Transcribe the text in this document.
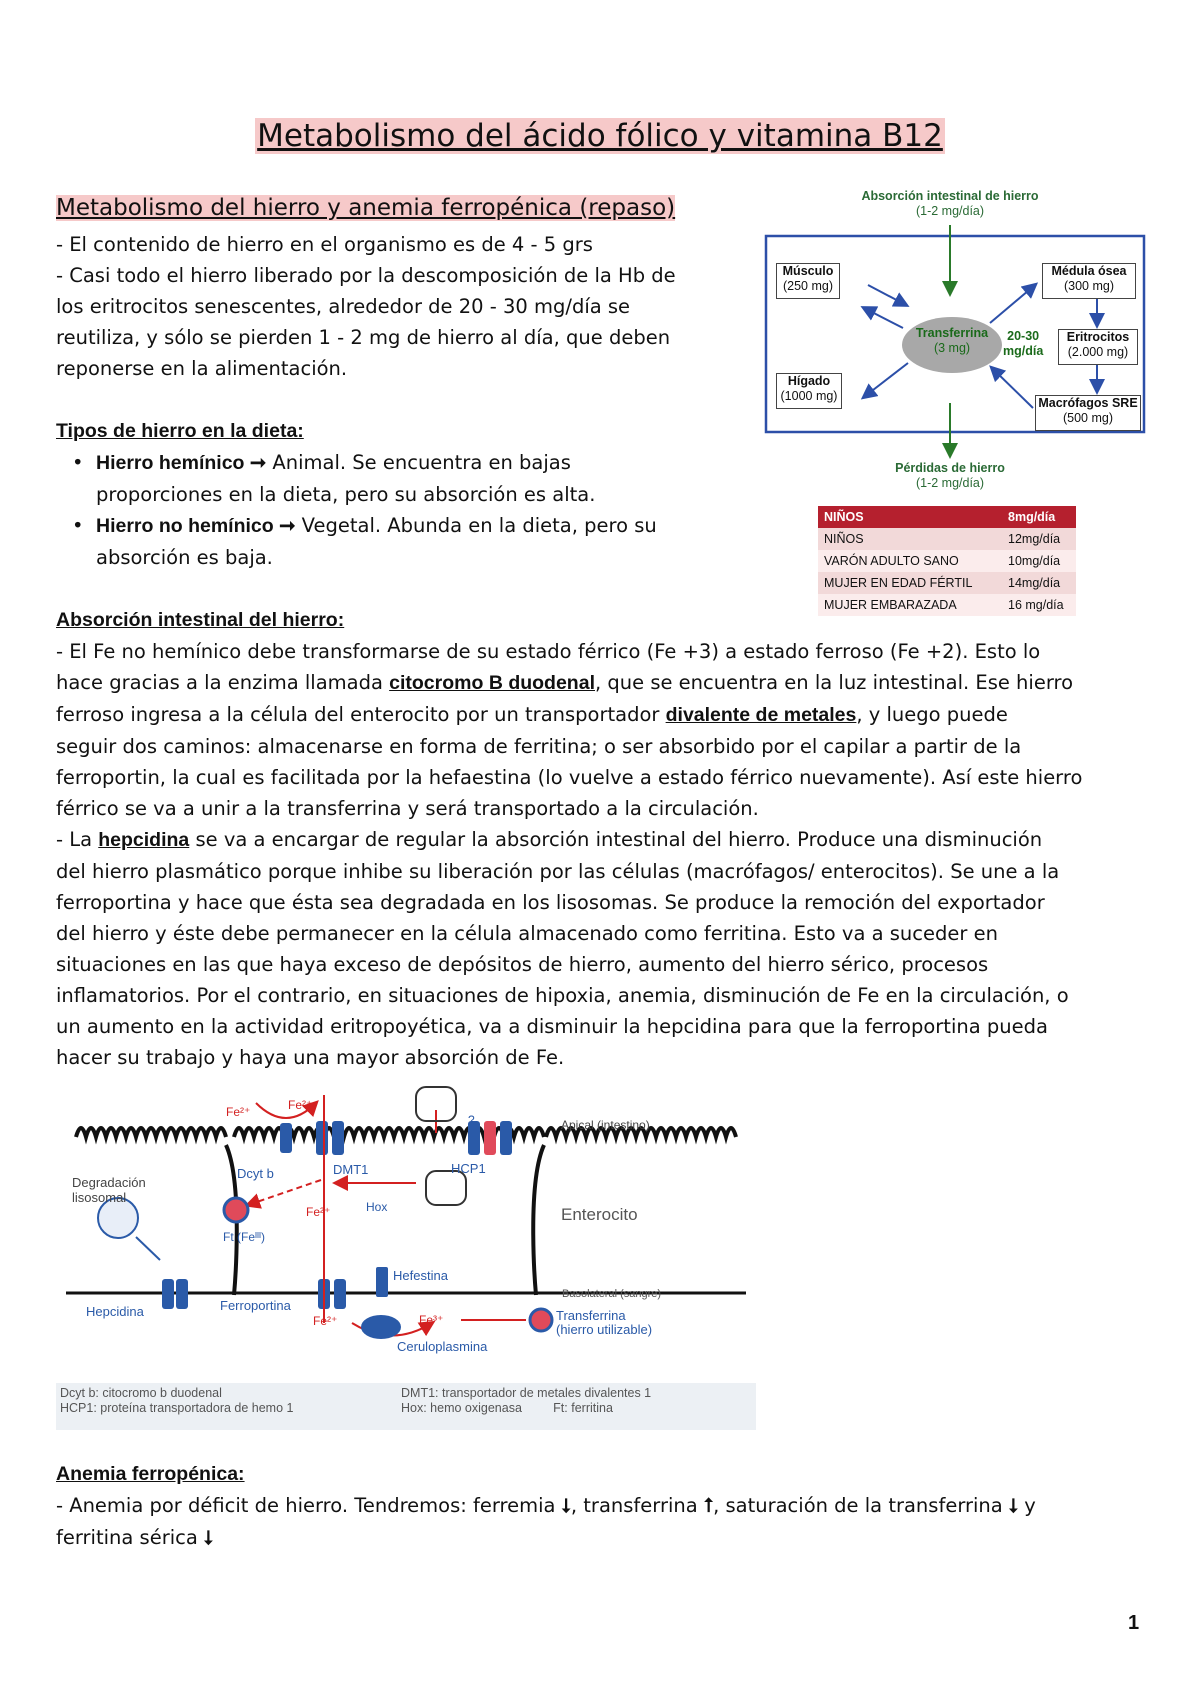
Metabolismo del ácido fólico y vitamina B12
Metabolismo del hierro y anemia ferropénica (repaso)

- El contenido de hierro en el organismo es de 4 - 5 grs

- Casi todo el hierro liberado por la descomposición de la Hb de

los eritrocitos senescentes, alrededor de 20 - 30 mg/día se

reutiliza, y sólo se pierden 1 - 2 mg de hierro al día, que deben

reponerse en la alimentación.

Tipos de hierro en la dieta:

• Hierro hemínico ➞ Animal. Se encuentra en bajas

proporciones en la dieta, pero su absorción es alta.

• Hierro no hemínico ➞ Vegetal. Abunda en la dieta, pero su

absorción es baja.

Absorción intestinal del hierro:

- El Fe no hemínico debe transformarse de su estado férrico (Fe +3) a estado ferroso (Fe +2). Esto lo

hace gracias a la enzima llamada citocromo B duodenal, que se encuentra en la luz intestinal. Ese hierro

ferroso ingresa a la célula del enterocito por un transportador divalente de metales, y luego puede

seguir dos caminos: almacenarse en forma de ferritina; o ser absorbido por el capilar a partir de la

ferroportin, la cual es facilitada por la hefaestina (lo vuelve a estado férrico nuevamente). Así este hierro

férrico se va a unir a la transferrina y será transportado a la circulación.

- La hepcidina se va a encargar de regular la absorción intestinal del hierro. Produce una disminución

del hierro plasmático porque inhibe su liberación por las células (macrófagos/ enterocitos). Se une a la

ferroportina y hace que ésta sea degradada en los lisosomas. Se produce la remoción del exportador

del hierro y éste debe permanecer en la célula almacenado como ferritina. Esto va a suceder en

situaciones en las que haya exceso de depósitos de hierro, aumento del hierro sérico, procesos

inflamatorios. Por el contrario, en situaciones de hipoxia, anemia, disminución de Fe en la circulación, o

un aumento en la actividad eritropoyética, va a disminuir la hepcidina para que la ferroportina pueda

hacer su trabajo y haya una mayor absorción de Fe.

Anemia ferropénica:

- Anemia por déficit de hierro. Tendremos: ferremia ⭣, transferrina ⭡, saturación de la transferrina ⭣ y

ferritina sérica ⭣

1
Absorción intestinal de hierro
(1-2 mg/día)
Músculo
(250 mg)
Médula ósea
(300 mg)
Transferrina
(3 mg)
20-30
mg/día
Eritrocitos
(2.000 mg)
Hígado
(1000 mg)	Macrófagos SRE
(500 mg)
Pérdidas de hierro
(1-2 mg/día)
NIÑOS	8mg/día
NIÑOS	12mg/día
VARÓN ADULTO SANO	10mg/día
MUJER EN EDAD FÉRTIL	14mg/día
MUJER EMBARAZADA	16 mg/día
Fe²⁺	Fe²⁺
?	Apical (intestino)
Dcyt b	DMT1	HCP1
Degradación
lisosomal
Fe²⁺	Hox	Enterocito
Ft (Feᴵᴵᴵ)
Hefestina
Basolateral (sangre)
Hepcidina	Ferroportina
Fe²⁺	Fe³⁺	Transferrina
(hierro utilizable)
Ceruloplasmina
Dcyt b: citocromo b duodenal
HCP1: proteína transportadora de hemo 1
DMT1: transportador de metales divalentes 1
Hox: hemo oxigenasa	Ft: ferritina
